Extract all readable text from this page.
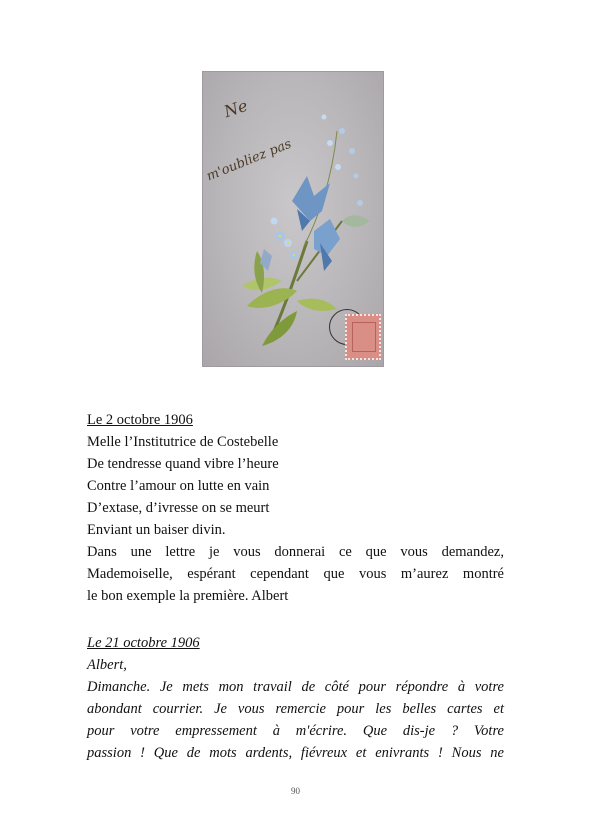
Ne
m'oubliez pas
Le 2 octobre 1906
Melle l’Institutrice de Costebelle
De tendresse quand vibre l’heure
Contre l’amour on lutte en vain
D’extase, d’ivresse on se meurt
Enviant un baiser divin.
Dans une lettre je vous donnerai ce que vous demandez,
Mademoiselle, espérant cependant que vous m’aurez montré
le bon exemple la première. Albert
Le 21 octobre 1906
Albert,
Dimanche. Je mets mon travail de côté pour répondre à votre
abondant courrier. Je vous remercie pour les belles cartes et
pour votre empressement à m'écrire. Que dis-je ? Votre
passion ! Que de mots ardents, fiévreux et enivrants ! Nous ne
90
